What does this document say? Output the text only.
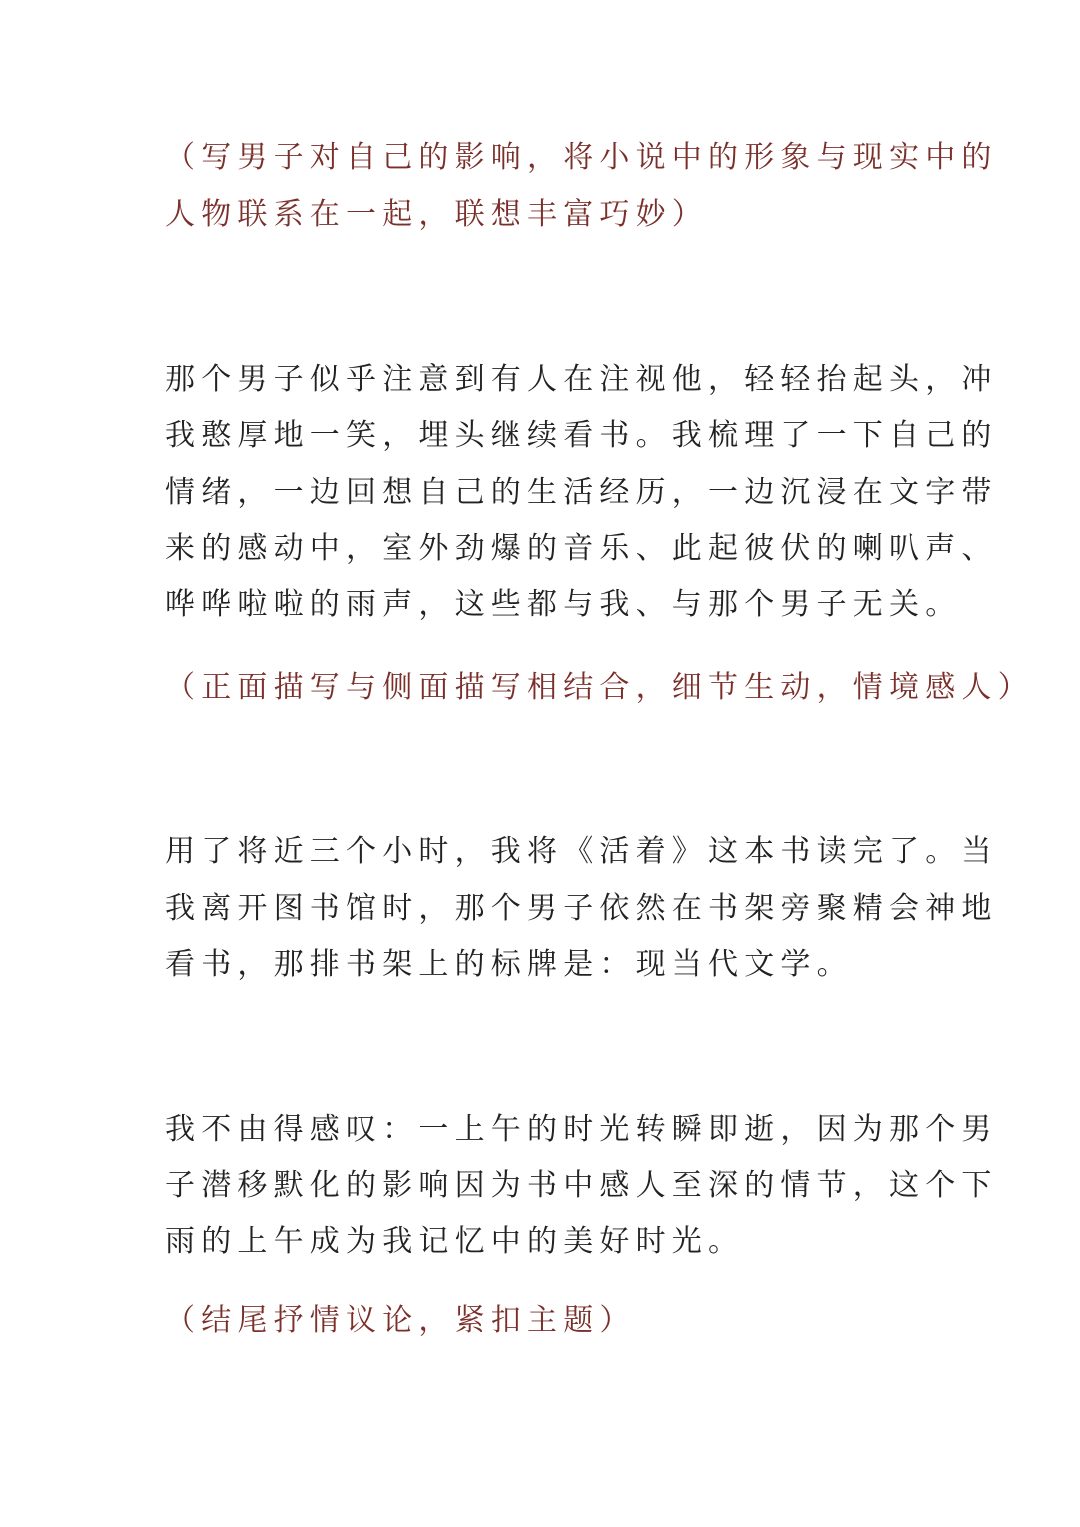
（写男子对自己的影响，将小说中的形象与现实中的

人物联系在一起，联想丰富巧妙）

那个男子似乎注意到有人在注视他，轻轻抬起头，冲

我憨厚地一笑，埋头继续看书。我梳理了一下自己的

情绪，一边回想自己的生活经历，一边沉浸在文字带

来的感动中，室外劲爆的音乐、此起彼伏的喇叭声、

哗哗啦啦的雨声，这些都与我、与那个男子无关。

（正面描写与侧面描写相结合，细节生动，情境感人）

用了将近三个小时，我将《活着》这本书读完了。当

我离开图书馆时，那个男子依然在书架旁聚精会神地

看书，那排书架上的标牌是：现当代文学。

我不由得感叹：一上午的时光转瞬即逝，因为那个男

子潜移默化的影响因为书中感人至深的情节，这个下

雨的上午成为我记忆中的美好时光。

（结尾抒情议论，紧扣主题）
